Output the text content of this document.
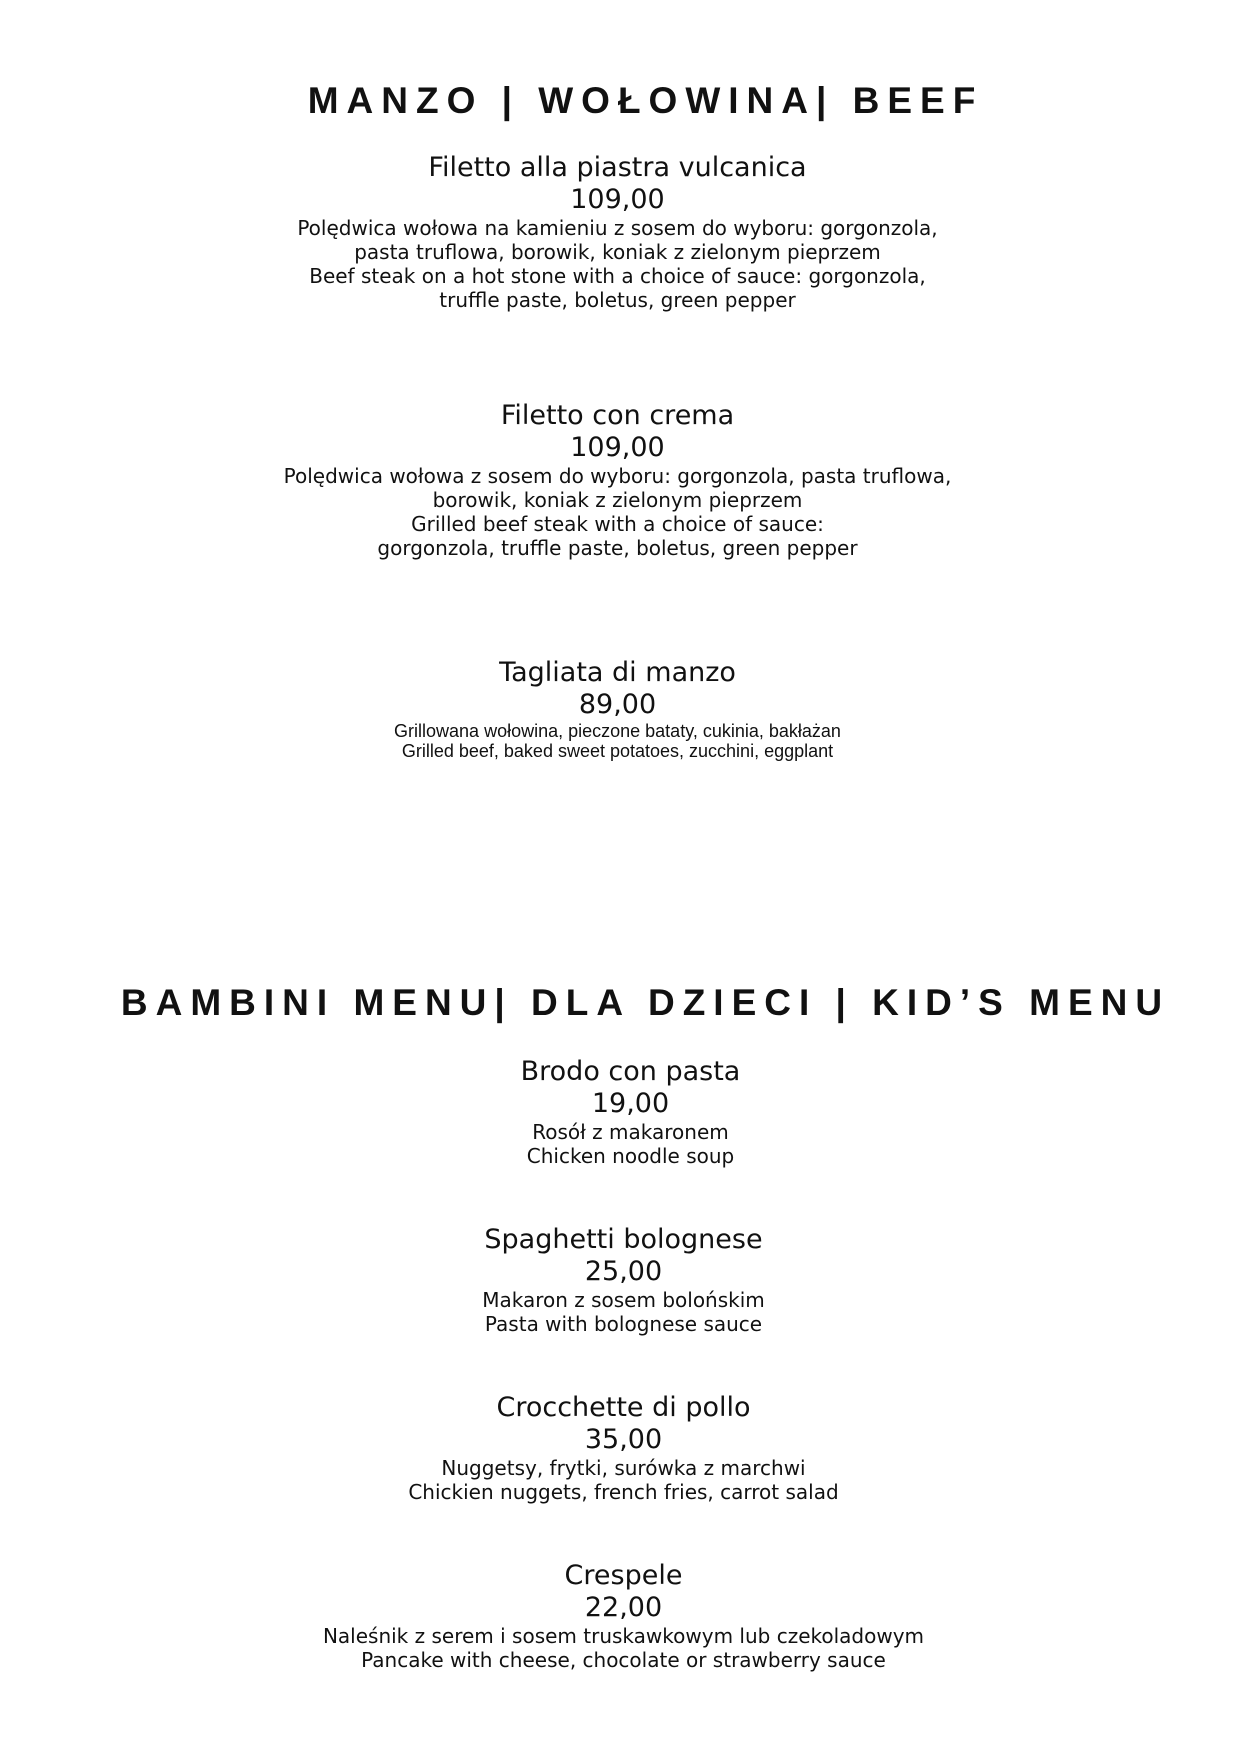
MANZO | WOŁOWINA| BEEF
Filetto alla piastra vulcanica
109,00
Polędwica wołowa na kamieniu z sosem do wyboru: gorgonzola,
pasta truflowa, borowik, koniak z zielonym pieprzem
Beef steak on a hot stone with a choice of sauce: gorgonzola,
truffle paste, boletus, green pepper
Filetto con crema
109,00
Polędwica wołowa z sosem do wyboru: gorgonzola, pasta truflowa,
borowik, koniak z zielonym pieprzem
Grilled beef steak with a choice of sauce:
gorgonzola, truffle paste, boletus, green pepper
Tagliata di manzo
89,00
Grillowana wołowina, pieczone bataty, cukinia, bakłażan
Grilled beef, baked sweet potatoes, zucchini, eggplant
BAMBINI MENU| DLA DZIECI | KID’S MENU
Brodo con pasta
19,00
Rosół z makaronem
Chicken noodle soup
Spaghetti bolognese
25,00
Makaron z sosem bolońskim
Pasta with bolognese sauce
Crocchette di pollo
35,00
Nuggetsy, frytki, surówka z marchwi
Chickien nuggets, french fries, carrot salad
Crespele
22,00
Naleśnik z serem i sosem truskawkowym lub czekoladowym
Pancake with cheese, chocolate or strawberry sauce
